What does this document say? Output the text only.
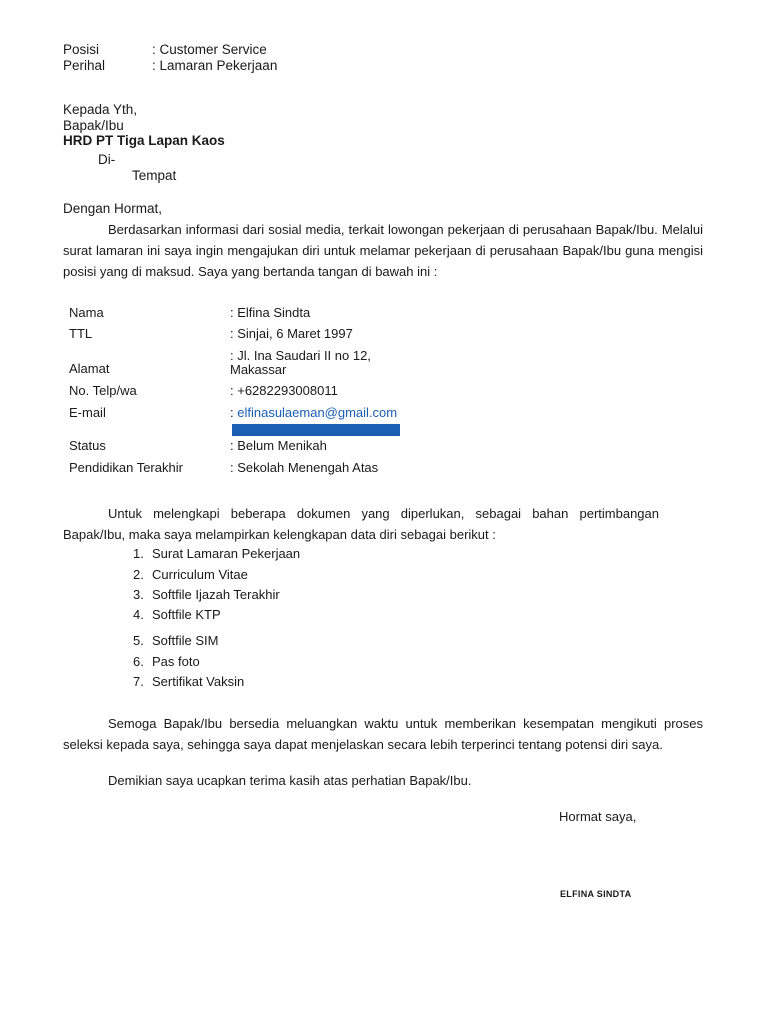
Posisi	: Customer Service
Perihal	: Lamaran Pekerjaan
Kepada Yth,
Bapak/Ibu
HRD PT Tiga Lapan Kaos
Di-
Tempat
Dengan Hormat,
Berdasarkan informasi dari sosial media, terkait lowongan pekerjaan di perusahaan Bapak/Ibu. Melalui surat lamaran ini saya ingin mengajukan diri untuk melamar pekerjaan di perusahaan Bapak/Ibu guna mengisi posisi yang di maksud. Saya yang bertanda tangan di bawah ini :
Nama	: Elfina Sindta
TTL	: Sinjai, 6 Maret 1997
Alamat
: Jl. Ina Saudari II no 12,
Makassar
No. Telp/wa	: +6282293008011
E-mail	: elfinasulaeman@gmail.com
Status	: Belum Menikah
Pendidikan Terakhir	: Sekolah Menengah Atas
Untuk melengkapi beberapa dokumen yang diperlukan, sebagai bahan pertimbangan Bapak/Ibu, maka saya melampirkan kelengkapan data diri sebagai berikut :
1. Surat Lamaran Pekerjaan
2. Curriculum Vitae
3. Softfile Ijazah Terakhir
4. Softfile KTP
5. Softfile SIM
6. Pas foto
7. Sertifikat Vaksin
Semoga Bapak/Ibu bersedia meluangkan waktu untuk memberikan kesempatan mengikuti proses seleksi kepada saya, sehingga saya dapat menjelaskan secara lebih terperinci tentang potensi diri saya.
Demikian saya ucapkan terima kasih atas perhatian Bapak/Ibu.
Hormat saya,
ELFINA SINDTA
